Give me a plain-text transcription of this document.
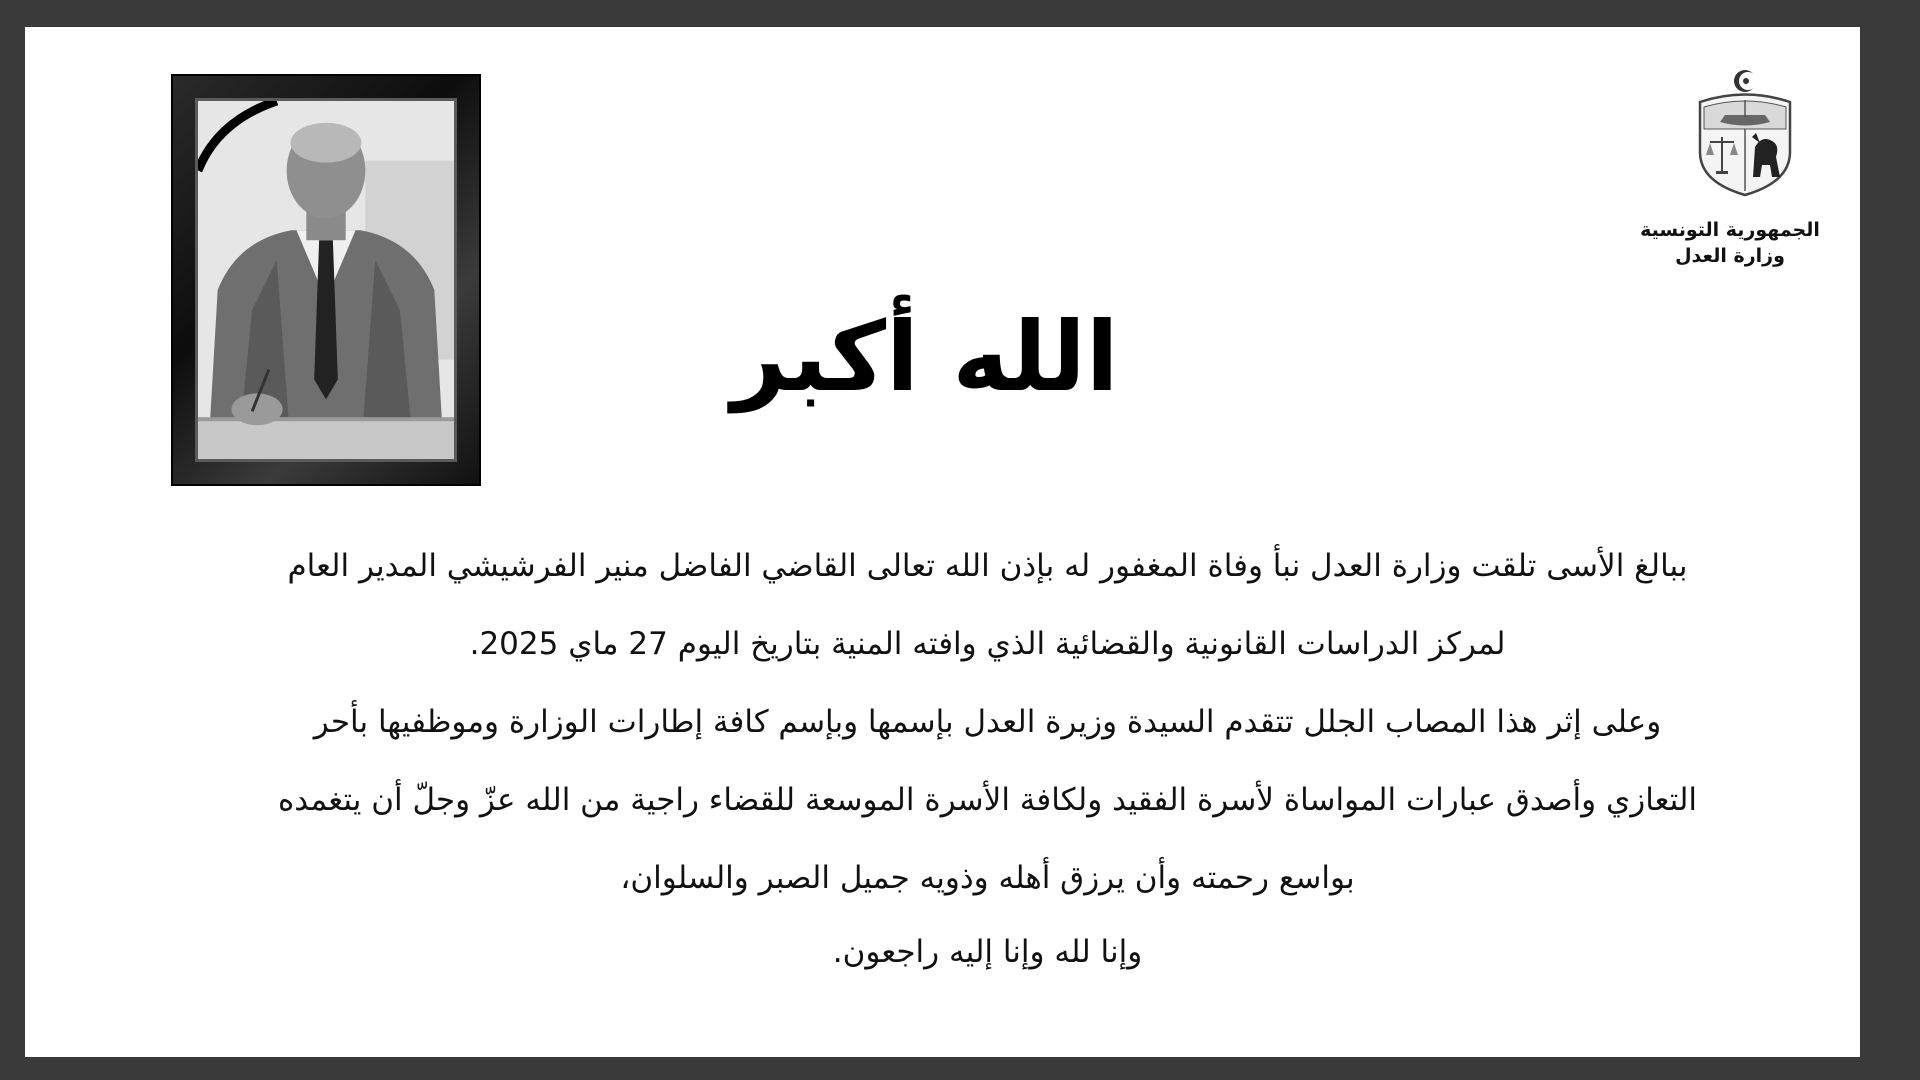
الجمهورية التونسية
وزارة العدل
الله أكبر
ببالغ الأسى تلقت وزارة العدل نبأ وفاة المغفور له بإذن الله تعالى القاضي الفاضل منير الفرشيشي المدير العام
لمركز الدراسات القانونية والقضائية الذي وافته المنية بتاريخ اليوم 27 ماي 2025.
وعلى إثر هذا المصاب الجلل تتقدم السيدة وزيرة العدل بإسمها وبإسم كافة إطارات الوزارة وموظفيها بأحر
التعازي وأصدق عبارات المواساة لأسرة الفقيد ولكافة الأسرة الموسعة للقضاء راجية من الله عزّ وجلّ أن يتغمده
بواسع رحمته وأن يرزق أهله وذويه جميل الصبر والسلوان،
وإنا لله وإنا إليه راجعون.
